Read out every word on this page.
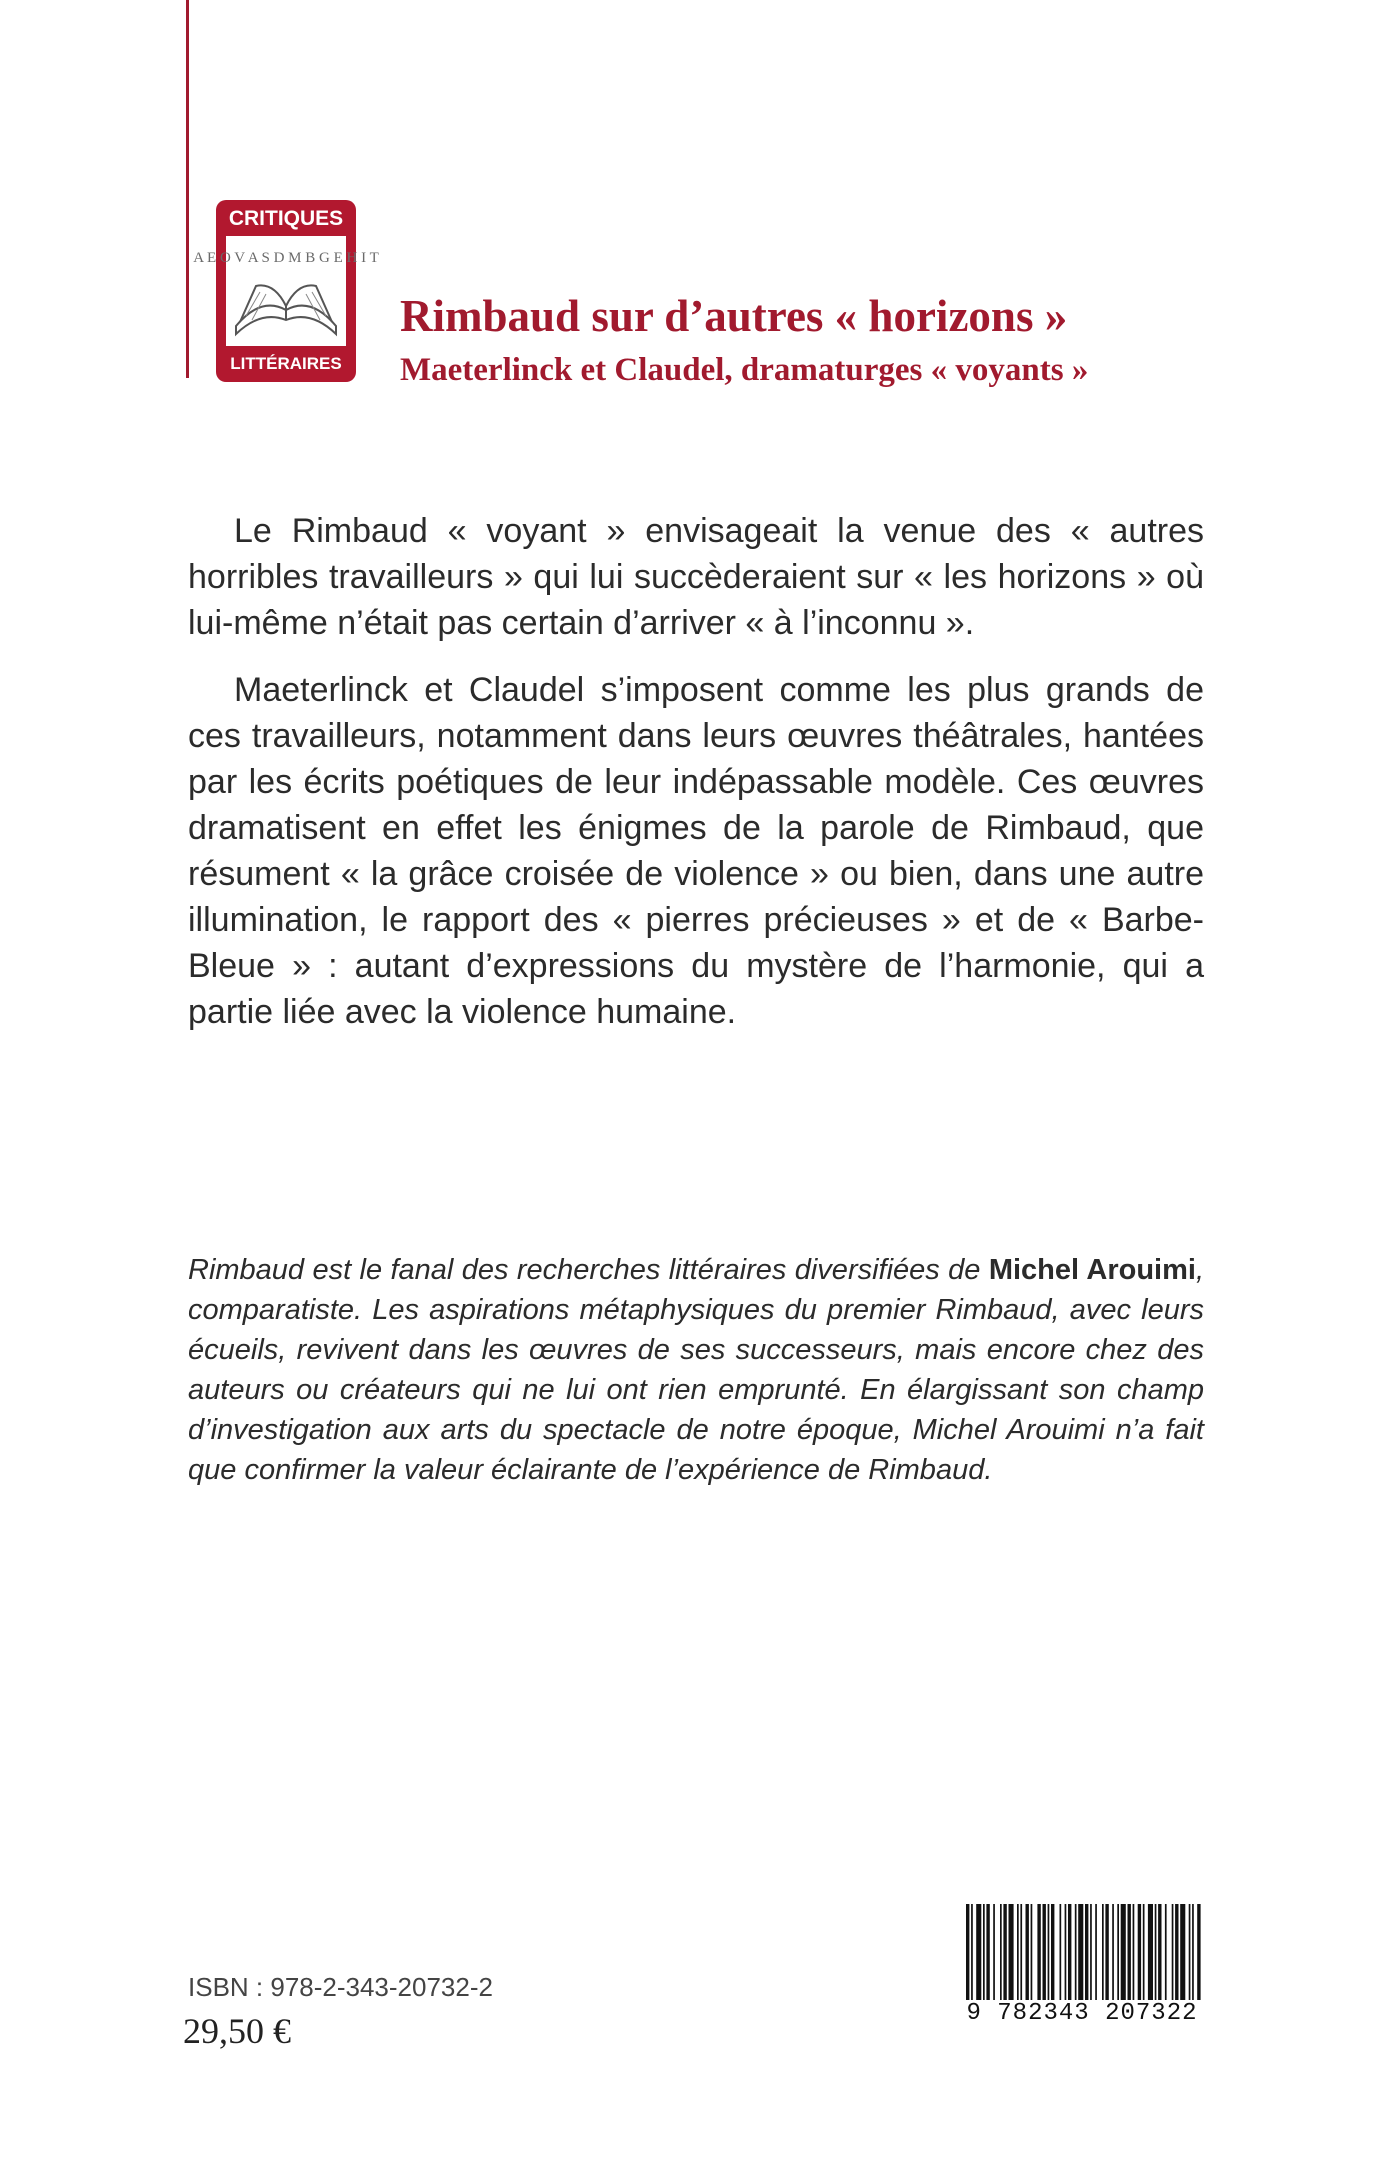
CRITIQUES
A E O V A S D M B G E H I T
LITTÉRAIRES
Rimbaud sur d’autres « horizons »
Maeterlinck et Claudel, dramaturges « voyants »

Le Rimbaud « voyant » envisageait la venue des « autres horribles travailleurs » qui lui succèderaient sur « les horizons » où lui-même n’était pas certain d’arriver « à l’inconnu ».

Maeterlinck et Claudel s’imposent comme les plus grands de ces travailleurs, notamment dans leurs œuvres théâtrales, hantées par les écrits poétiques de leur indépassable modèle. Ces œuvres dramatisent en effet les énigmes de la parole de Rimbaud, que résument « la grâce croisée de violence » ou bien, dans une autre illumination, le rapport des « pierres précieuses » et de « Barbe-Bleue » : autant d’expressions du mystère de l’harmonie, qui a partie liée avec la violence humaine.

Rimbaud est le fanal des recherches littéraires diversifiées de Michel Arouimi, comparatiste. Les aspirations métaphysiques du premier Rimbaud, avec leurs écueils, revivent dans les œuvres de ses successeurs, mais encore chez des auteurs ou créateurs qui ne lui ont rien emprunté. En élargissant son champ d’investigation aux arts du spectacle de notre époque, Michel Arouimi n’a fait que confirmer la valeur éclairante de l’expérience de Rimbaud.

ISBN : 978-2-343-20732-2
29,50 €	9 782343 207322
